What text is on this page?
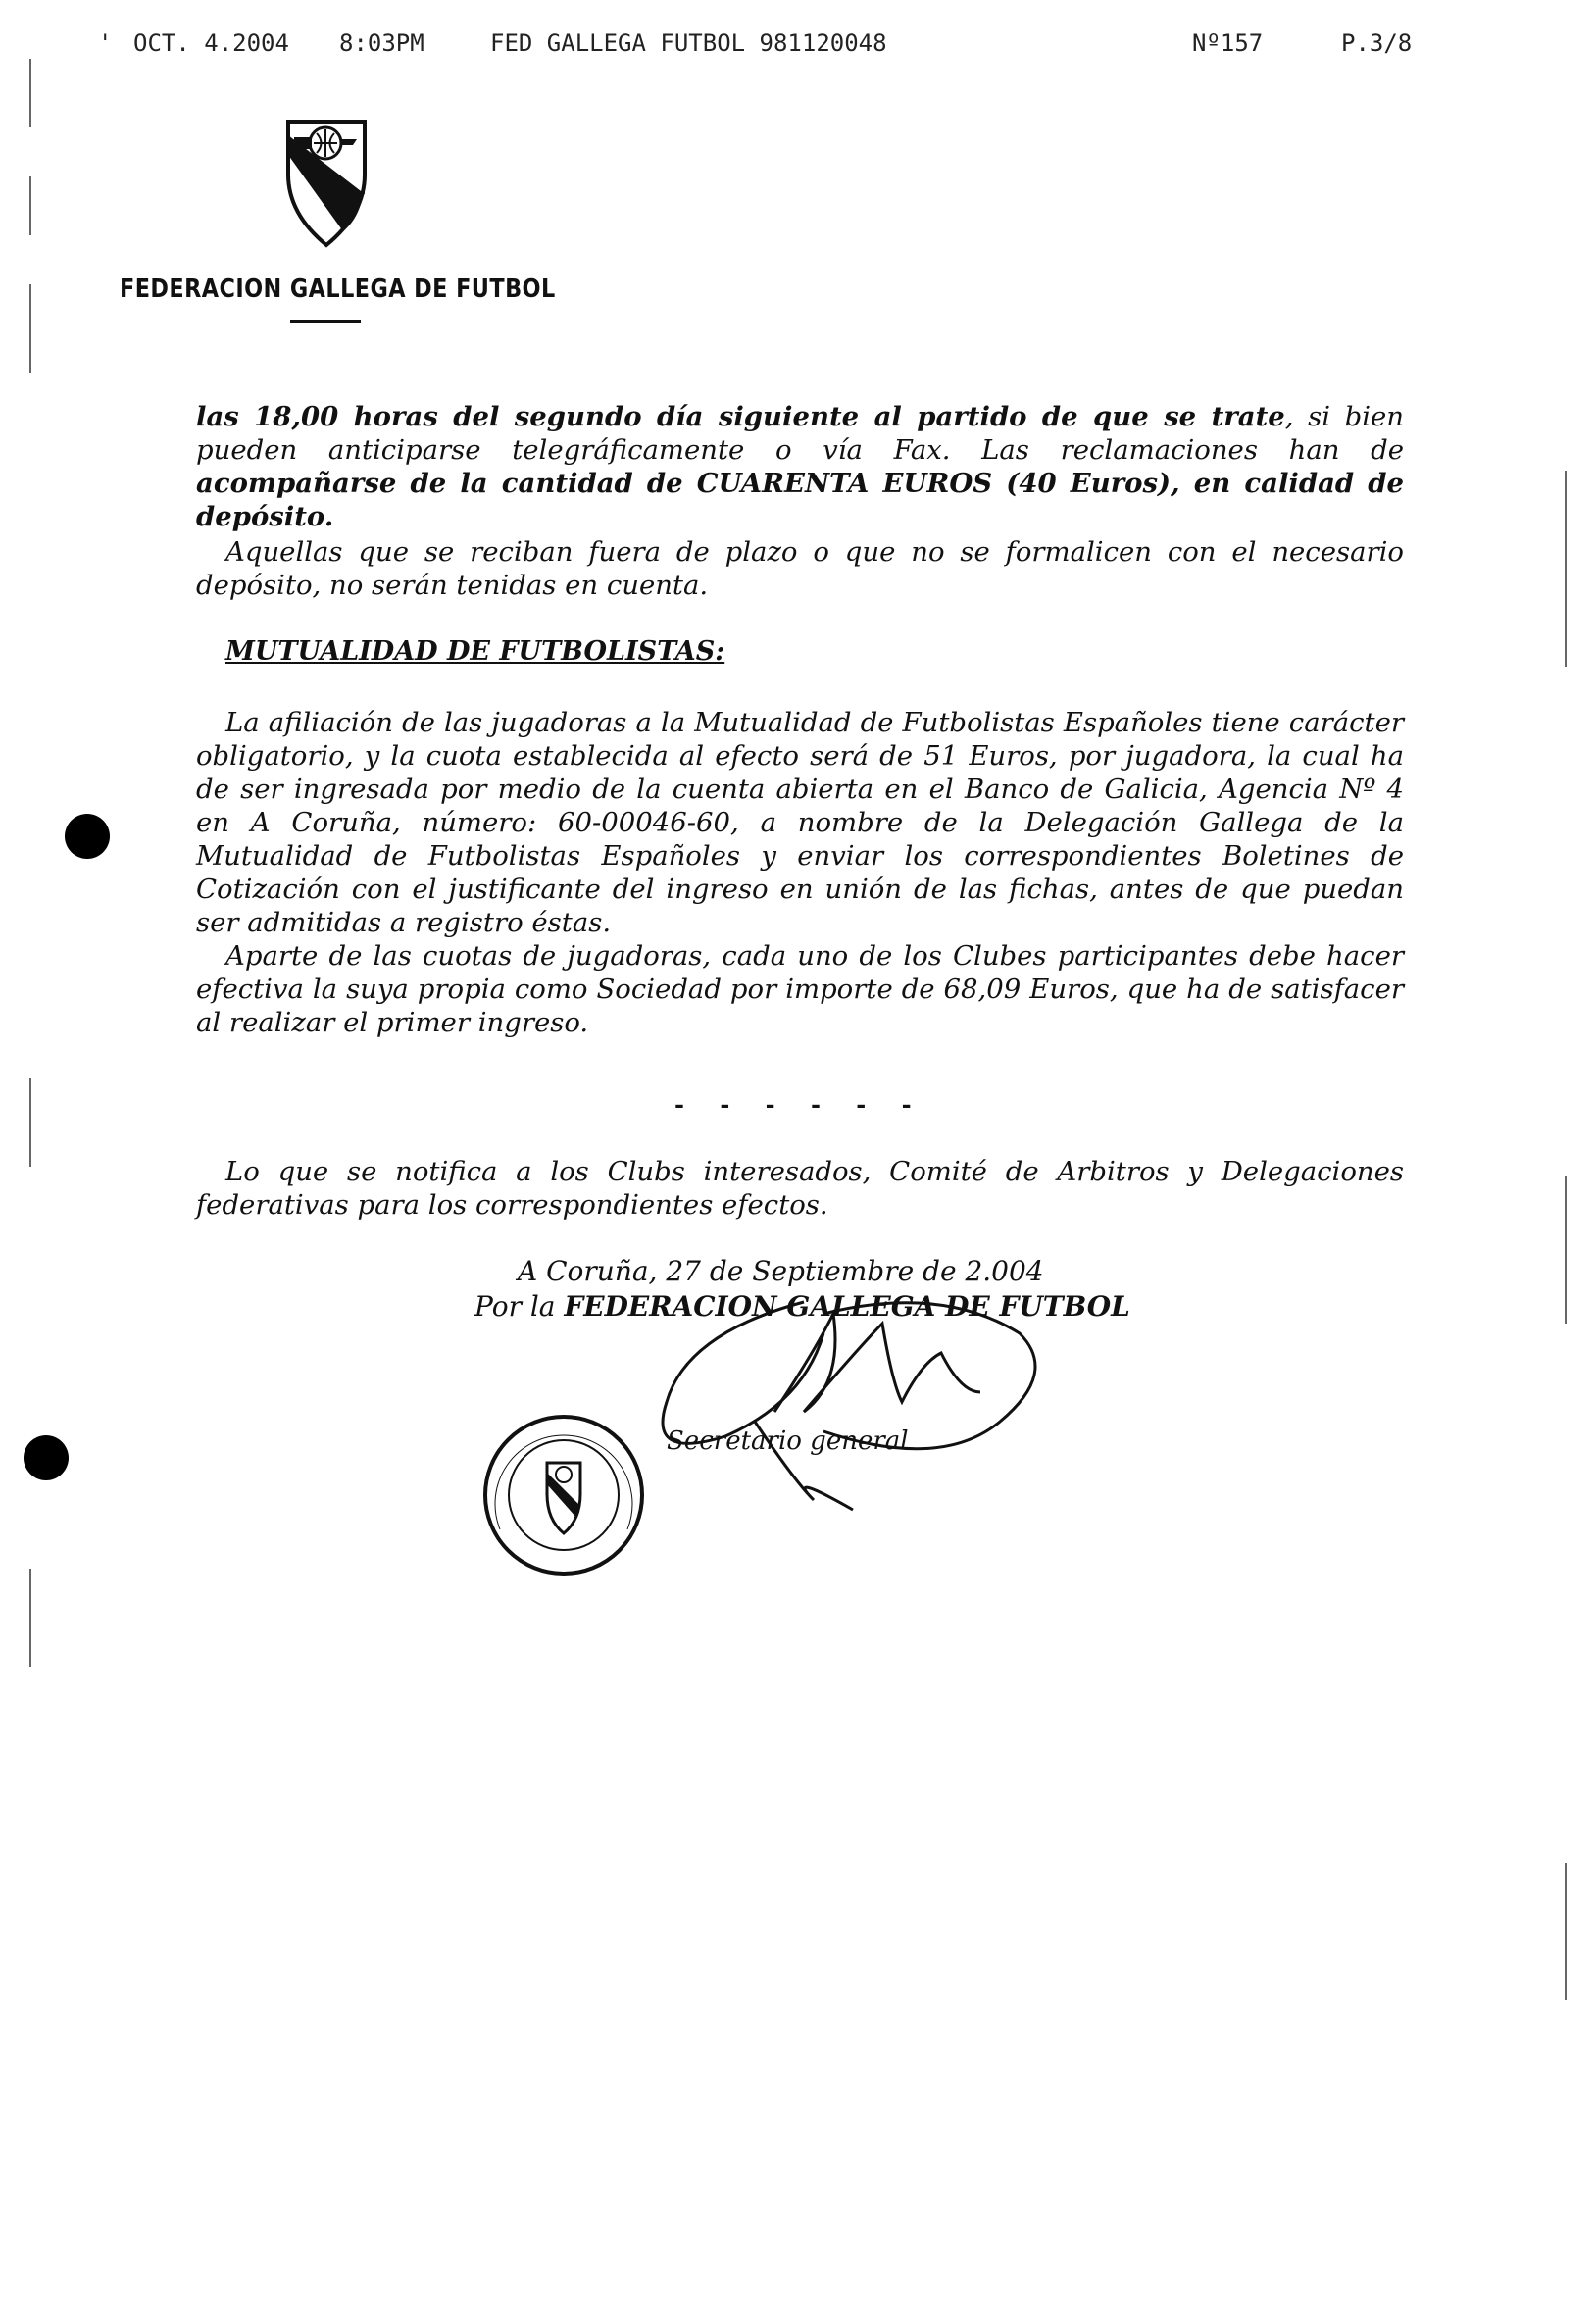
' OCT. 4.2004 8:03PM	FED GALLEGA FUTBOL 981120048	Nº157	P.3/8
FEDERACION GALLEGA DE FUTBOL

las 18,00 horas del segundo día siguiente al partido de que se trate, si bien pueden anticiparse telegráficamente o vía Fax. Las reclamaciones han de acompañarse de la cantidad de CUARENTA EUROS (40 Euros), en calidad de depósito.

Aquellas que se reciban fuera de plazo o que no se formalicen con el necesario depósito, no serán tenidas en cuenta.

MUTUALIDAD DE FUTBOLISTAS:

La afiliación de las jugadoras a la Mutualidad de Futbolistas Españoles tiene carácter obligatorio, y la cuota establecida al efecto será de 51 Euros, por jugadora, la cual ha de ser ingresada por medio de la cuenta abierta en el Banco de Galicia, Agencia Nº 4 en A Coruña, número: 60-00046-60, a nombre de la Delegación Gallega de la Mutualidad de Futbolistas Españoles y enviar los correspondientes Boletines de Cotización con el justificante del ingreso en unión de las fichas, antes de que puedan ser admitidas a registro éstas.

Aparte de las cuotas de jugadoras, cada uno de los Clubes participantes debe hacer efectiva la suya propia como Sociedad por importe de 68,09 Euros, que ha de satisfacer al realizar el primer ingreso.

- - - - - -

Lo que se notifica a los Clubs interesados, Comité de Arbitros y Delegaciones federativas para los correspondientes efectos.

A Coruña, 27 de Septiembre de 2.004
Por la FEDERACION GALLEGA DE FUTBOL
Secretario general
